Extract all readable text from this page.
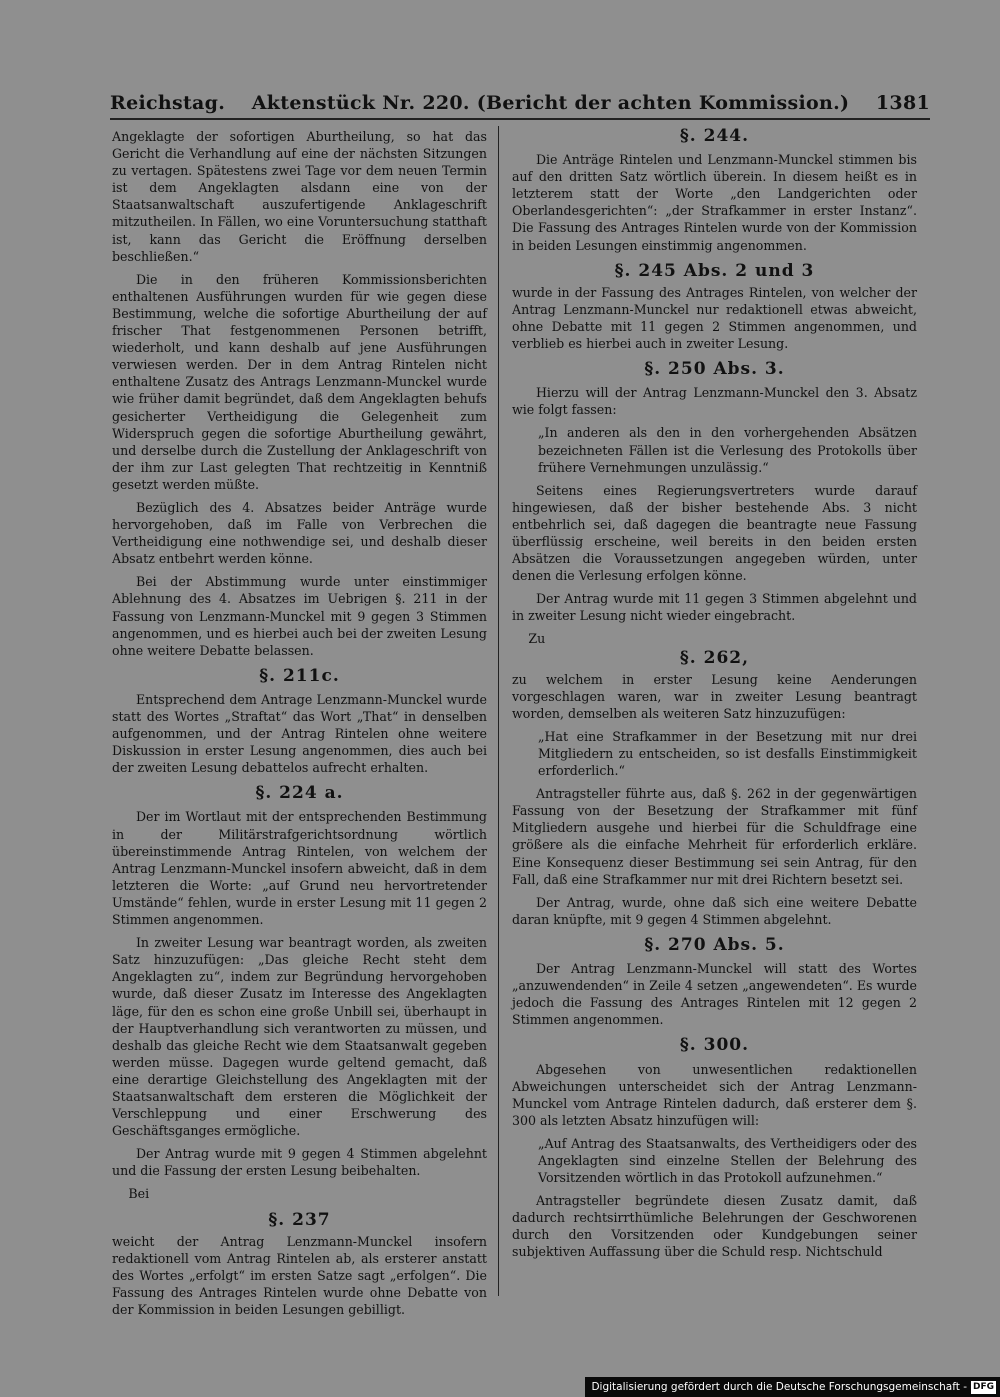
Reichstag.	Aktenstück Nr. 220. (Bericht der achten Kommission.)	1381

Angeklagte der sofortigen Aburtheilung, so hat das Gericht die Verhandlung auf eine der nächsten Sitzungen zu vertagen. Spätestens zwei Tage vor dem neuen Termin ist dem Angeklagten alsdann eine von der Staatsanwaltschaft auszufertigende Anklageschrift mitzutheilen. In Fällen, wo eine Voruntersuchung statthaft ist, kann das Gericht die Eröffnung derselben beschließen.“

Die in den früheren Kommissionsberichten enthaltenen Ausführungen wurden für wie gegen diese Bestimmung, welche die sofortige Aburtheilung der auf frischer That festgenommenen Personen betrifft, wiederholt, und kann deshalb auf jene Ausführungen verwiesen werden. Der in dem Antrag Rintelen nicht enthaltene Zusatz des Antrags Lenzmann-Munckel wurde wie früher damit begründet, daß dem Angeklagten behufs gesicherter Vertheidigung die Gelegenheit zum Widerspruch gegen die sofortige Aburtheilung gewährt, und derselbe durch die Zustellung der Anklageschrift von der ihm zur Last gelegten That rechtzeitig in Kenntniß gesetzt werden müßte.

Bezüglich des 4. Absatzes beider Anträge wurde hervorgehoben, daß im Falle von Verbrechen die Vertheidigung eine nothwendige sei, und deshalb dieser Absatz entbehrt werden könne.

Bei der Abstimmung wurde unter einstimmiger Ablehnung des 4. Absatzes im Uebrigen §. 211 in der Fassung von Lenzmann-Munckel mit 9 gegen 3 Stimmen angenommen, und es hierbei auch bei der zweiten Lesung ohne weitere Debatte belassen.

§. 211c.

Entsprechend dem Antrage Lenzmann-Munckel wurde statt des Wortes „Straftat“ das Wort „That“ in denselben aufgenommen, und der Antrag Rintelen ohne weitere Diskussion in erster Lesung angenommen, dies auch bei der zweiten Lesung debattelos aufrecht erhalten.

§. 224 a.

Der im Wortlaut mit der entsprechenden Bestimmung in der Militärstrafgerichtsordnung wörtlich übereinstimmende Antrag Rintelen, von welchem der Antrag Lenzmann-Munckel insofern abweicht, daß in dem letzteren die Worte: „auf Grund neu hervortretender Umstände“ fehlen, wurde in erster Lesung mit 11 gegen 2 Stimmen angenommen.

In zweiter Lesung war beantragt worden, als zweiten Satz hinzuzufügen: „Das gleiche Recht steht dem Angeklagten zu“, indem zur Begründung hervorgehoben wurde, daß dieser Zusatz im Interesse des Angeklagten läge, für den es schon eine große Unbill sei, überhaupt in der Hauptverhandlung sich verantworten zu müssen, und deshalb das gleiche Recht wie dem Staatsanwalt gegeben werden müsse. Dagegen wurde geltend gemacht, daß eine derartige Gleichstellung des Angeklagten mit der Staatsanwaltschaft dem ersteren die Möglichkeit der Verschleppung und einer Erschwerung des Geschäftsganges ermögliche.

Der Antrag wurde mit 9 gegen 4 Stimmen abgelehnt und die Fassung der ersten Lesung beibehalten.

Bei

§. 237

weicht der Antrag Lenzmann-Munckel insofern redaktionell vom Antrag Rintelen ab, als ersterer anstatt des Wortes „erfolgt“ im ersten Satze sagt „erfolgen“. Die Fassung des Antrages Rintelen wurde ohne Debatte von der Kommission in beiden Lesungen gebilligt.

§. 244.

Die Anträge Rintelen und Lenzmann-Munckel stimmen bis auf den dritten Satz wörtlich überein. In diesem heißt es in letzterem statt der Worte „den Landgerichten oder Oberlandesgerichten“: „der Strafkammer in erster Instanz“. Die Fassung des Antrages Rintelen wurde von der Kommission in beiden Lesungen einstimmig angenommen.

§. 245 Abs. 2 und 3

wurde in der Fassung des Antrages Rintelen, von welcher der Antrag Lenzmann-Munckel nur redaktionell etwas abweicht, ohne Debatte mit 11 gegen 2 Stimmen angenommen, und verblieb es hierbei auch in zweiter Lesung.

§. 250 Abs. 3.

Hierzu will der Antrag Lenzmann-Munckel den 3. Absatz wie folgt fassen:

„In anderen als den in den vorhergehenden Absätzen bezeichneten Fällen ist die Verlesung des Protokolls über frühere Vernehmungen unzulässig.“

Seitens eines Regierungsvertreters wurde darauf hingewiesen, daß der bisher bestehende Abs. 3 nicht entbehrlich sei, daß dagegen die beantragte neue Fassung überflüssig erscheine, weil bereits in den beiden ersten Absätzen die Voraussetzungen angegeben würden, unter denen die Verlesung erfolgen könne.

Der Antrag wurde mit 11 gegen 3 Stimmen abgelehnt und in zweiter Lesung nicht wieder eingebracht.

Zu

§. 262,

zu welchem in erster Lesung keine Aenderungen vorgeschlagen waren, war in zweiter Lesung beantragt worden, demselben als weiteren Satz hinzuzufügen:

„Hat eine Strafkammer in der Besetzung mit nur drei Mitgliedern zu entscheiden, so ist desfalls Einstimmigkeit erforderlich.“

Antragsteller führte aus, daß §. 262 in der gegenwärtigen Fassung von der Besetzung der Strafkammer mit fünf Mitgliedern ausgehe und hierbei für die Schuldfrage eine größere als die einfache Mehrheit für erforderlich erkläre. Eine Konsequenz dieser Bestimmung sei sein Antrag, für den Fall, daß eine Strafkammer nur mit drei Richtern besetzt sei.

Der Antrag, wurde, ohne daß sich eine weitere Debatte daran knüpfte, mit 9 gegen 4 Stimmen abgelehnt.

§. 270 Abs. 5.

Der Antrag Lenzmann-Munckel will statt des Wortes „anzuwendenden“ in Zeile 4 setzen „angewendeten“. Es wurde jedoch die Fassung des Antrages Rintelen mit 12 gegen 2 Stimmen angenommen.

§. 300.

Abgesehen von unwesentlichen redaktionellen Abweichungen unterscheidet sich der Antrag Lenzmann-Munckel vom Antrage Rintelen dadurch, daß ersterer dem §. 300 als letzten Absatz hinzufügen will:

„Auf Antrag des Staatsanwalts, des Vertheidigers oder des Angeklagten sind einzelne Stellen der Belehrung des Vorsitzenden wörtlich in das Protokoll aufzunehmen.“

Antragsteller begründete diesen Zusatz damit, daß dadurch rechtsirrthümliche Belehrungen der Geschworenen durch den Vorsitzenden oder Kundgebungen seiner subjektiven Auffassung über die Schuld resp. Nichtschuld

Digitalisierung gefördert durch die Deutsche Forschungsgemeinschaft - DFG
